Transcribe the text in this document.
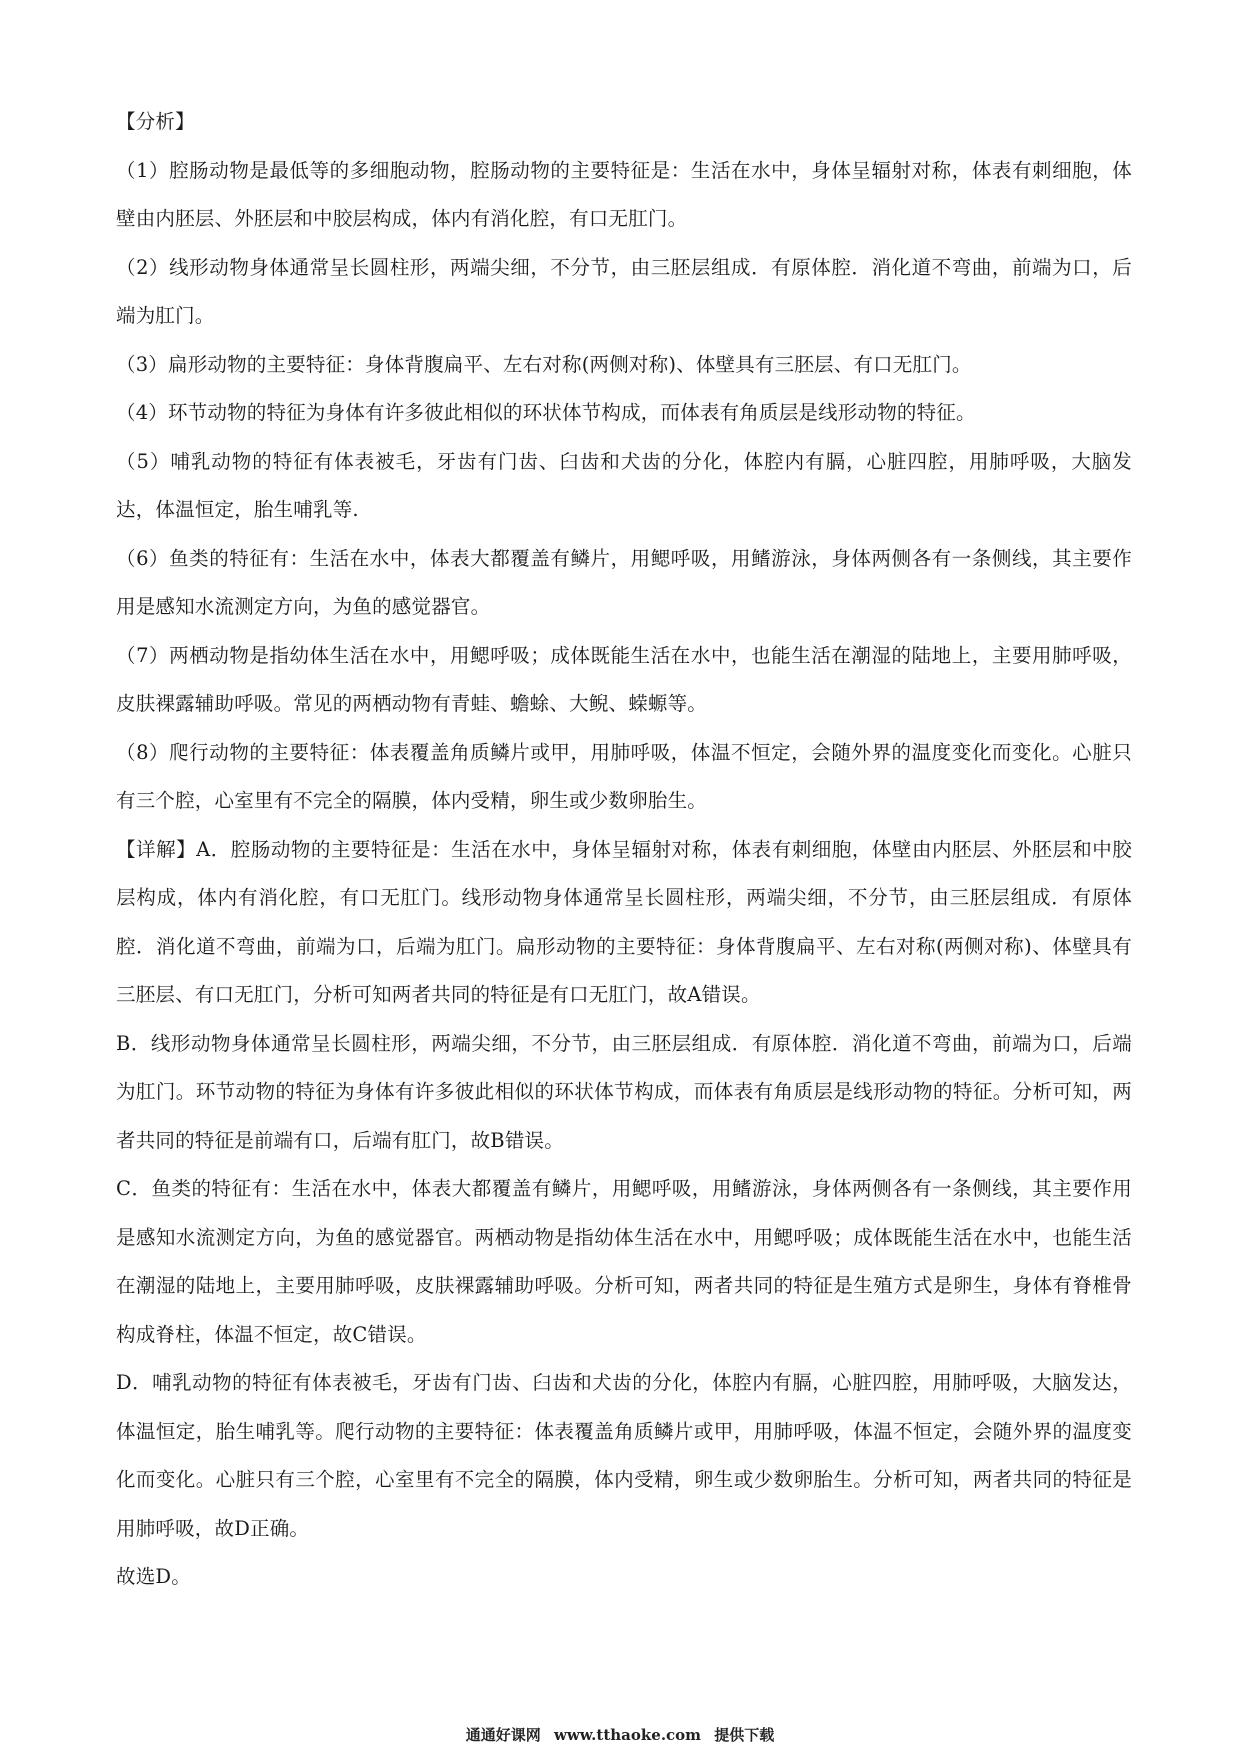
【分析】

（1）腔肠动物是最低等的多细胞动物，腔肠动物的主要特征是：生活在水中，身体呈辐射对称，体表有刺细胞，体壁由内胚层、外胚层和中胶层构成，体内有消化腔，有口无肛门。

（2）线形动物身体通常呈长圆柱形，两端尖细，不分节，由三胚层组成．有原体腔．消化道不弯曲，前端为口，后端为肛门。

（3）扁形动物的主要特征：身体背腹扁平、左右对称(两侧对称)、体壁具有三胚层、有口无肛门。

（4）环节动物的特征为身体有许多彼此相似的环状体节构成，而体表有角质层是线形动物的特征。

（5）哺乳动物的特征有体表被毛，牙齿有门齿、臼齿和犬齿的分化，体腔内有膈，心脏四腔，用肺呼吸，大脑发达，体温恒定，胎生哺乳等.

（6）鱼类的特征有：生活在水中，体表大都覆盖有鳞片，用鳃呼吸，用鳍游泳，身体两侧各有一条侧线，其主要作用是感知水流测定方向，为鱼的感觉器官。

（7）两栖动物是指幼体生活在水中，用鳃呼吸；成体既能生活在水中，也能生活在潮湿的陆地上，主要用肺呼吸，皮肤裸露辅助呼吸。常见的两栖动物有青蛙、蟾蜍、大鲵、蝾螈等。

（8）爬行动物的主要特征：体表覆盖角质鳞片或甲，用肺呼吸，体温不恒定，会随外界的温度变化而变化。心脏只有三个腔，心室里有不完全的隔膜，体内受精，卵生或少数卵胎生。

【详解】A．腔肠动物的主要特征是：生活在水中，身体呈辐射对称，体表有刺细胞，体壁由内胚层、外胚层和中胶层构成，体内有消化腔，有口无肛门。线形动物身体通常呈长圆柱形，两端尖细，不分节，由三胚层组成．有原体腔．消化道不弯曲，前端为口，后端为肛门。扁形动物的主要特征：身体背腹扁平、左右对称(两侧对称)、体壁具有三胚层、有口无肛门，分析可知两者共同的特征是有口无肛门，故A错误。

B．线形动物身体通常呈长圆柱形，两端尖细，不分节，由三胚层组成．有原体腔．消化道不弯曲，前端为口，后端为肛门。环节动物的特征为身体有许多彼此相似的环状体节构成，而体表有角质层是线形动物的特征。分析可知，两者共同的特征是前端有口，后端有肛门，故B错误。

C．鱼类的特征有：生活在水中，体表大都覆盖有鳞片，用鳃呼吸，用鳍游泳，身体两侧各有一条侧线，其主要作用是感知水流测定方向，为鱼的感觉器官。两栖动物是指幼体生活在水中，用鳃呼吸；成体既能生活在水中，也能生活在潮湿的陆地上，主要用肺呼吸，皮肤裸露辅助呼吸。分析可知，两者共同的特征是生殖方式是卵生，身体有脊椎骨构成脊柱，体温不恒定，故C错误。

D．哺乳动物的特征有体表被毛，牙齿有门齿、臼齿和犬齿的分化，体腔内有膈，心脏四腔，用肺呼吸，大脑发达，体温恒定，胎生哺乳等。爬行动物的主要特征：体表覆盖角质鳞片或甲，用肺呼吸，体温不恒定，会随外界的温度变化而变化。心脏只有三个腔，心室里有不完全的隔膜，体内受精，卵生或少数卵胎生。分析可知，两者共同的特征是用肺呼吸，故D正确。

故选D。

通通好课网 www.tthaoke.com 提供下载
